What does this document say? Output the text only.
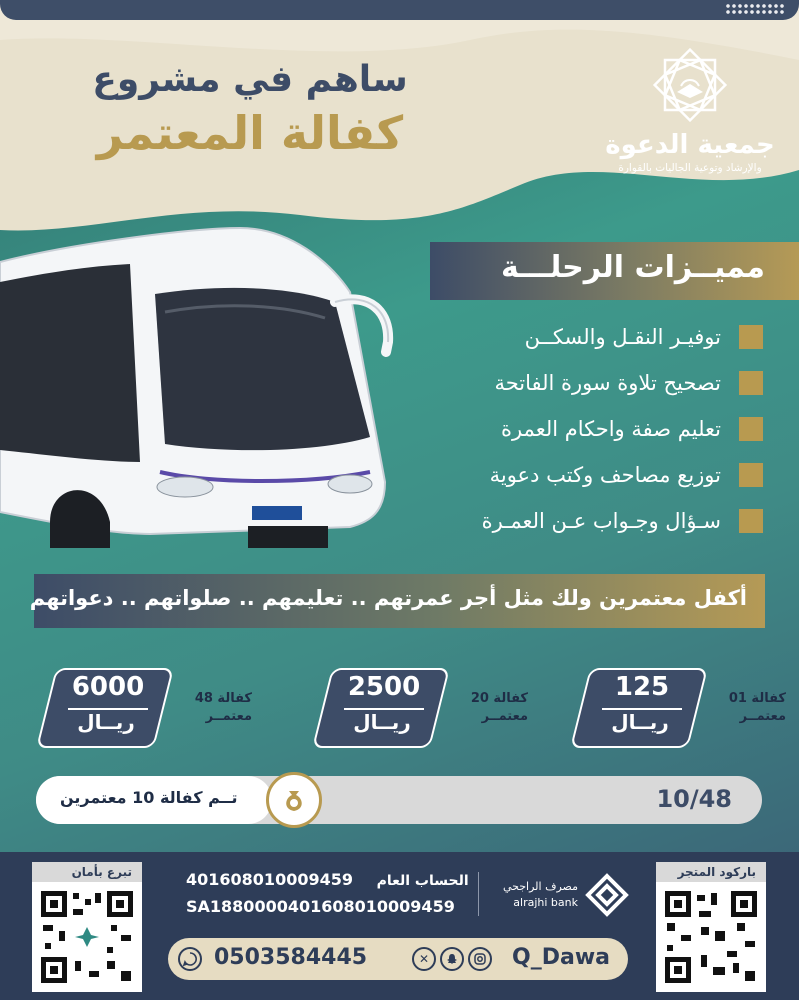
ساهم في مشروع
كفالة المعتمر	جمعية الدعوة
والإرشاد وتوعية الجاليات بالقوارة
مميــزات الرحلـــة
توفيـر النقـل والسكــن
تصحيح تلاوة سورة الفاتحة
تعليم صفة واحكام العمرة
توزيع مصاحف وكتب دعوية
سـؤال وجـواب عـن العمـرة
أكفل معتمرين ولك مثل أجر عمرتهم .. تعليمهم .. صلواتهم .. دعواتهم
6000
ريــال
كفالة 48
معتمــر
2500
ريــال
كفالة 20
معتمــر
125
ريــال
كفالة 01
معتمــر
تــم كفالة 10 معتمرين	10/48
تبرع بأمان	باركود المتجر
401608010009459 الحساب العام
SA1880000401608010009459
مصرف الراجحي
alrajhi bank
0503584445	✕	Q_Dawa
